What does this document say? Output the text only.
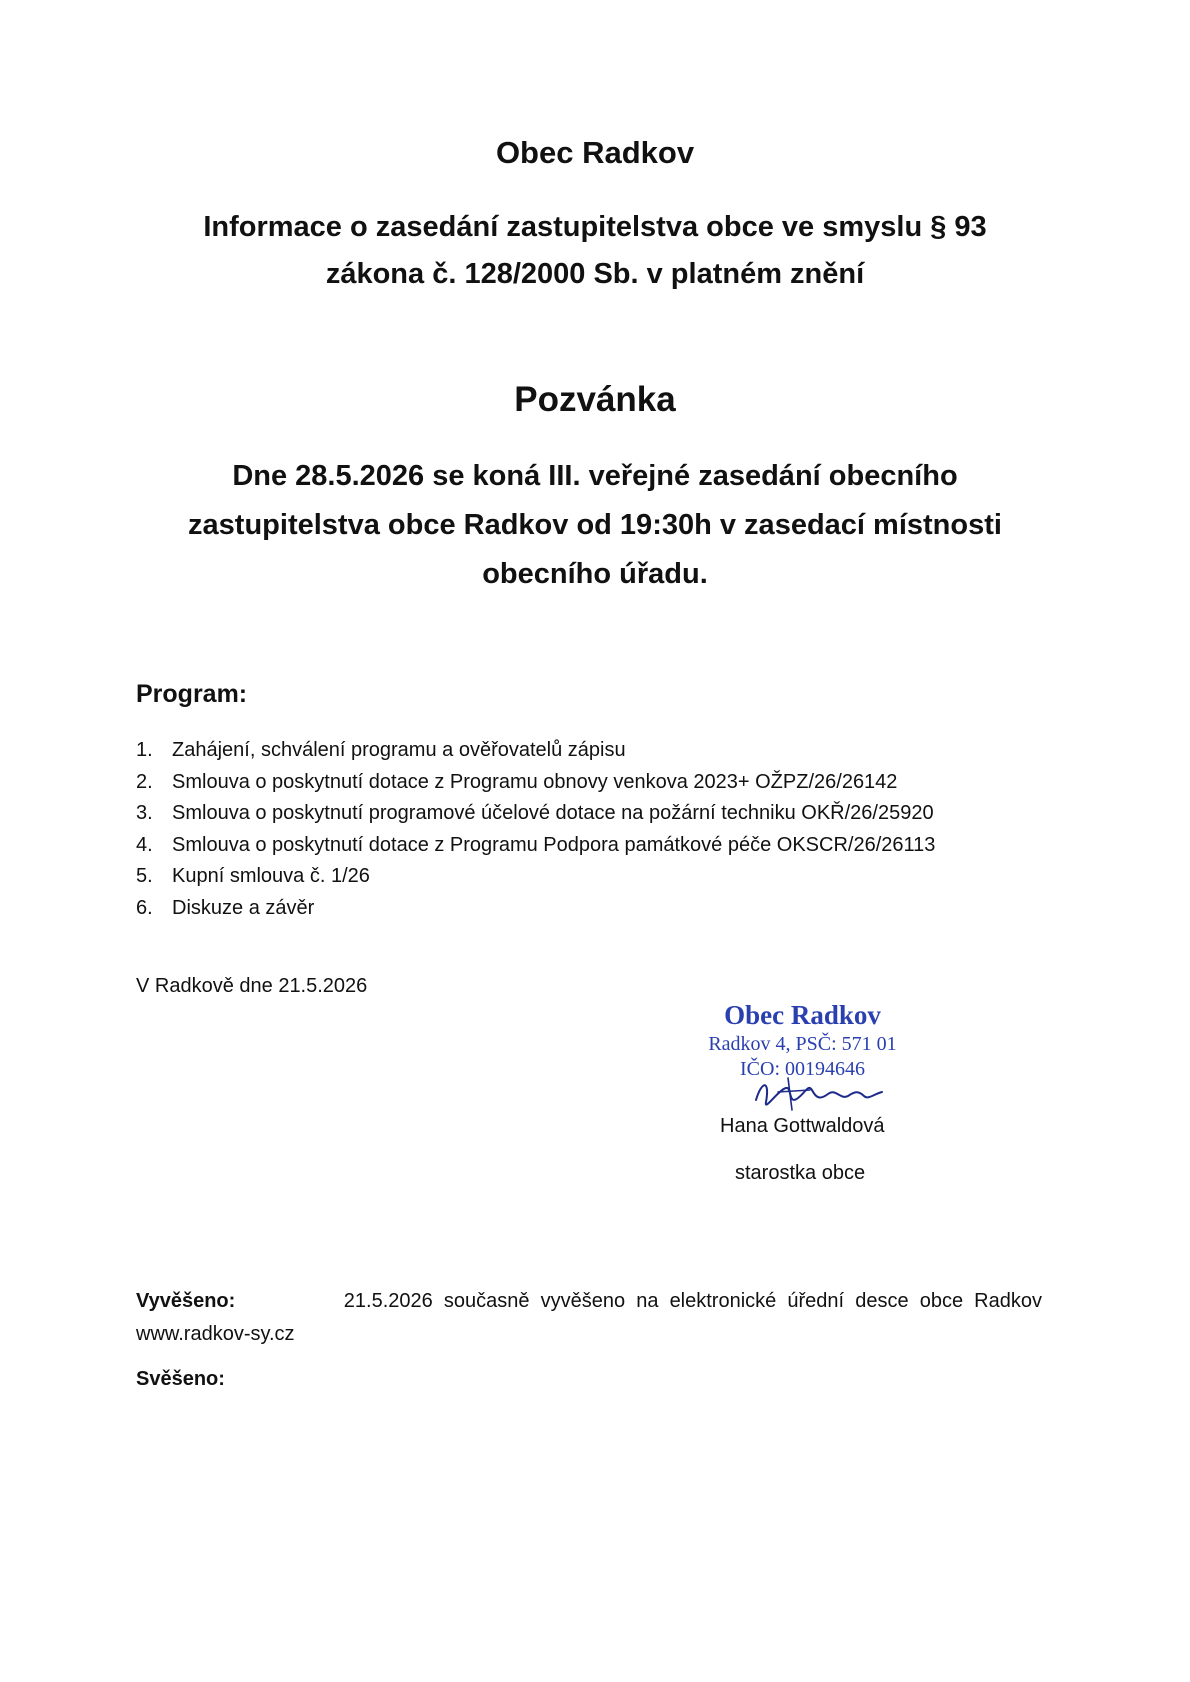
Obec Radkov
Informace o zasedání zastupitelstva obce ve smyslu § 93
zákona č. 128/2000 Sb. v platném znění
Pozvánka
Dne 28.5.2026 se koná III. veřejné zasedání obecního
zastupitelstva obce Radkov od 19:30h v zasedací místnosti
obecního úřadu.
Program:
1. Zahájení, schválení programu a ověřovatelů zápisu
2. Smlouva o poskytnutí dotace z Programu obnovy venkova 2023+ OŽPZ/26/26142
3. Smlouva o poskytnutí programové účelové dotace na požární techniku OKŘ/26/25920
4. Smlouva o poskytnutí dotace z Programu Podpora památkové péče OKSCR/26/26113
5. Kupní smlouva č. 1/26
6. Diskuze a závěr
V Radkově dne 21.5.2026
Obec Radkov
Radkov 4, PSČ: 571 01
IČO: 00194646
Hana Gottwaldová
starostka obce
Vyvěšeno:	21.5.2026  současně  vyvěšeno  na  elektronické  úřední  desce  obce  Radkov
www.radkov-sy.cz
Svěšeno:
